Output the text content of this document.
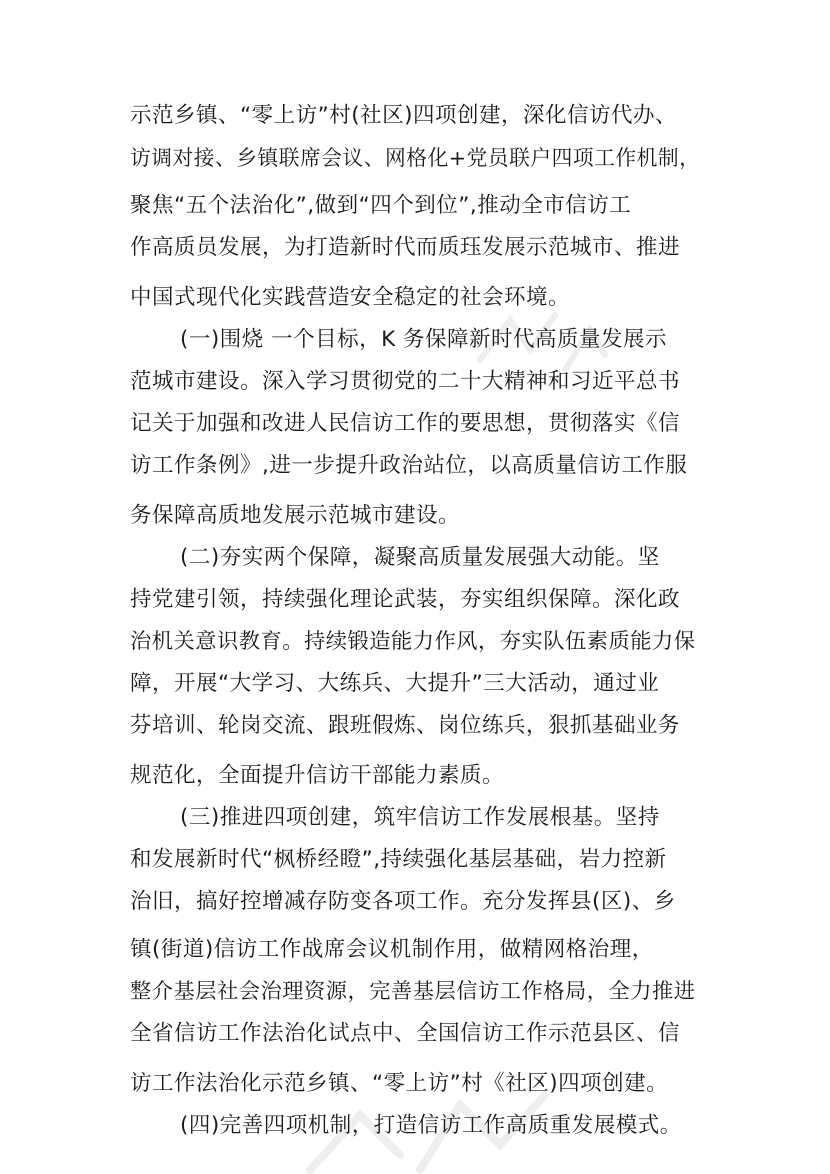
示范乡镇、“零上访”村(社区)四项创建，深化信访代办、
访调对接、乡镇联席会议、网格化+党员联户四项工作机制，
聚焦“五个法治化”,做到“四个到位”,推动全市信访工
作高质员发展，为打造新时代而质珏发展示范城市、推进
中国式现代化实践营造安全稳定的社会环境。
(一)围烧 一个目标，K 务保障新时代高质量发展示
范城市建设。深入学习贯彻党的二十大精神和习近平总书
记关于加强和改进人民信访工作的要思想，贯彻落实《信
访工作条例》,进一步提升政治站位，以高质量信访工作服
务保障高质地发展示范城市建设。
(二)夯实两个保障，凝聚高质量发展强大动能。坚
持党建引领，持续强化理论武装，夯实组织保障。深化政
治机关意识教育。持续锻造能力作风，夯实队伍素质能力保
障，开展“大学习、大练兵、大提升”三大活动，通过业
芬培训、轮岗交流、跟班假炼、岗位练兵，狠抓基础业务
规范化，全面提升信访干部能力素质。
(三)推进四项创建，筑牢信访工作发展根基。坚持
和发展新时代“枫桥经瞪”,持续强化基层基础，岩力控新
治旧，搞好控增减存防变各项工作。充分发挥县(区)、乡
镇(街道)信访工作战席会议机制作用，做精网格治理，
整介基层社会治理资源，完善基层信访工作格局，全力推进
全省信访工作法治化试点中、全国信访工作示范县区、信
访工作法治化示范乡镇、“零上访”村《社区)四项创建。
(四)完善四项机制，打造信访工作高质重发展模式。
